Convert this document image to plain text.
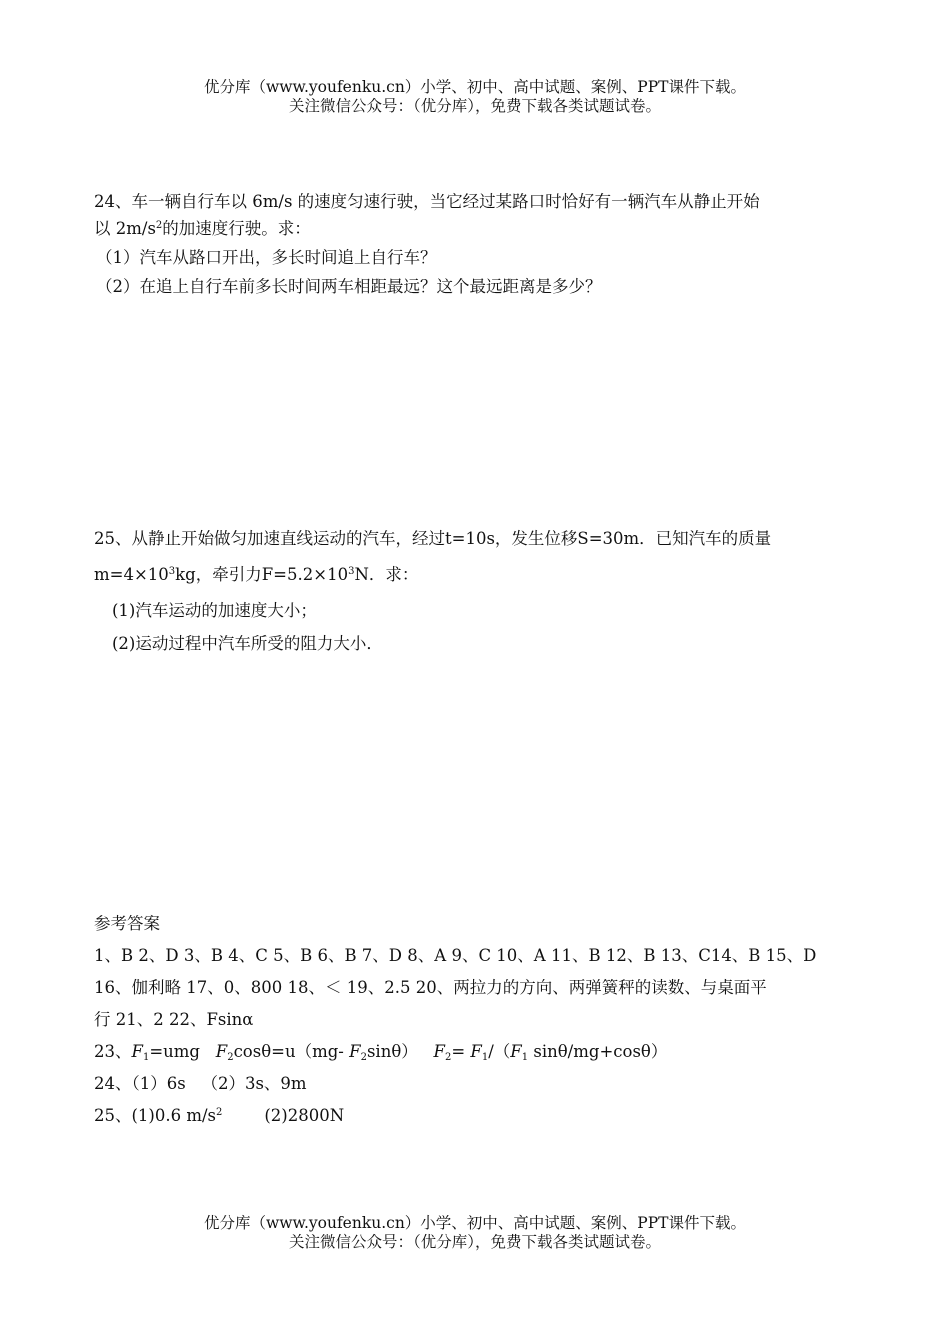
优分库（www.youfenku.cn）小学、初中、高中试题、案例、PPT课件下载。
关注微信公众号：（优分库），免费下载各类试题试卷。
24、车一辆自行车以 6m/s 的速度匀速行驶，当它经过某路口时恰好有一辆汽车从静止开始
以 $2m/s^2$的加速度行驶。求：
（1）汽车从路口开出，多长时间追上自行车？
（2）在追上自行车前多长时间两车相距最远？这个最远距离是多少？
25、从静止开始做匀加速直线运动的汽车，经过t=10s，发生位移S=30m．已知汽车的质量
$m=4\times 10^3kg$，牵引力$F=5.2\times 10^3N$．求：
(1)汽车运动的加速度大小；
(2)运动过程中汽车所受的阻力大小．
参考答案
1、B 2、D 3、B 4、C 5、B 6、B 7、D 8、A 9、C 10、A 11、B 12、B 13、C14、B 15、D
16、伽利略 17、0、800 18、＜ 19、2.5 20、两拉力的方向、两弹簧秤的读数、与桌面平
行 21、2 22、Fsinα
23、$F_1=umg$   $F_2\cos\theta=u(mg-$ $F_2\sin\theta$）   $F_2= F_1/(F_1$ sinθ/mg+cosθ）
24、（1）6s   （2）3s、9m
25、(1)0.6 $m/s^2$        (2)2800N
优分库（www.youfenku.cn）小学、初中、高中试题、案例、PPT课件下载。
关注微信公众号：（优分库），免费下载各类试题试卷。
